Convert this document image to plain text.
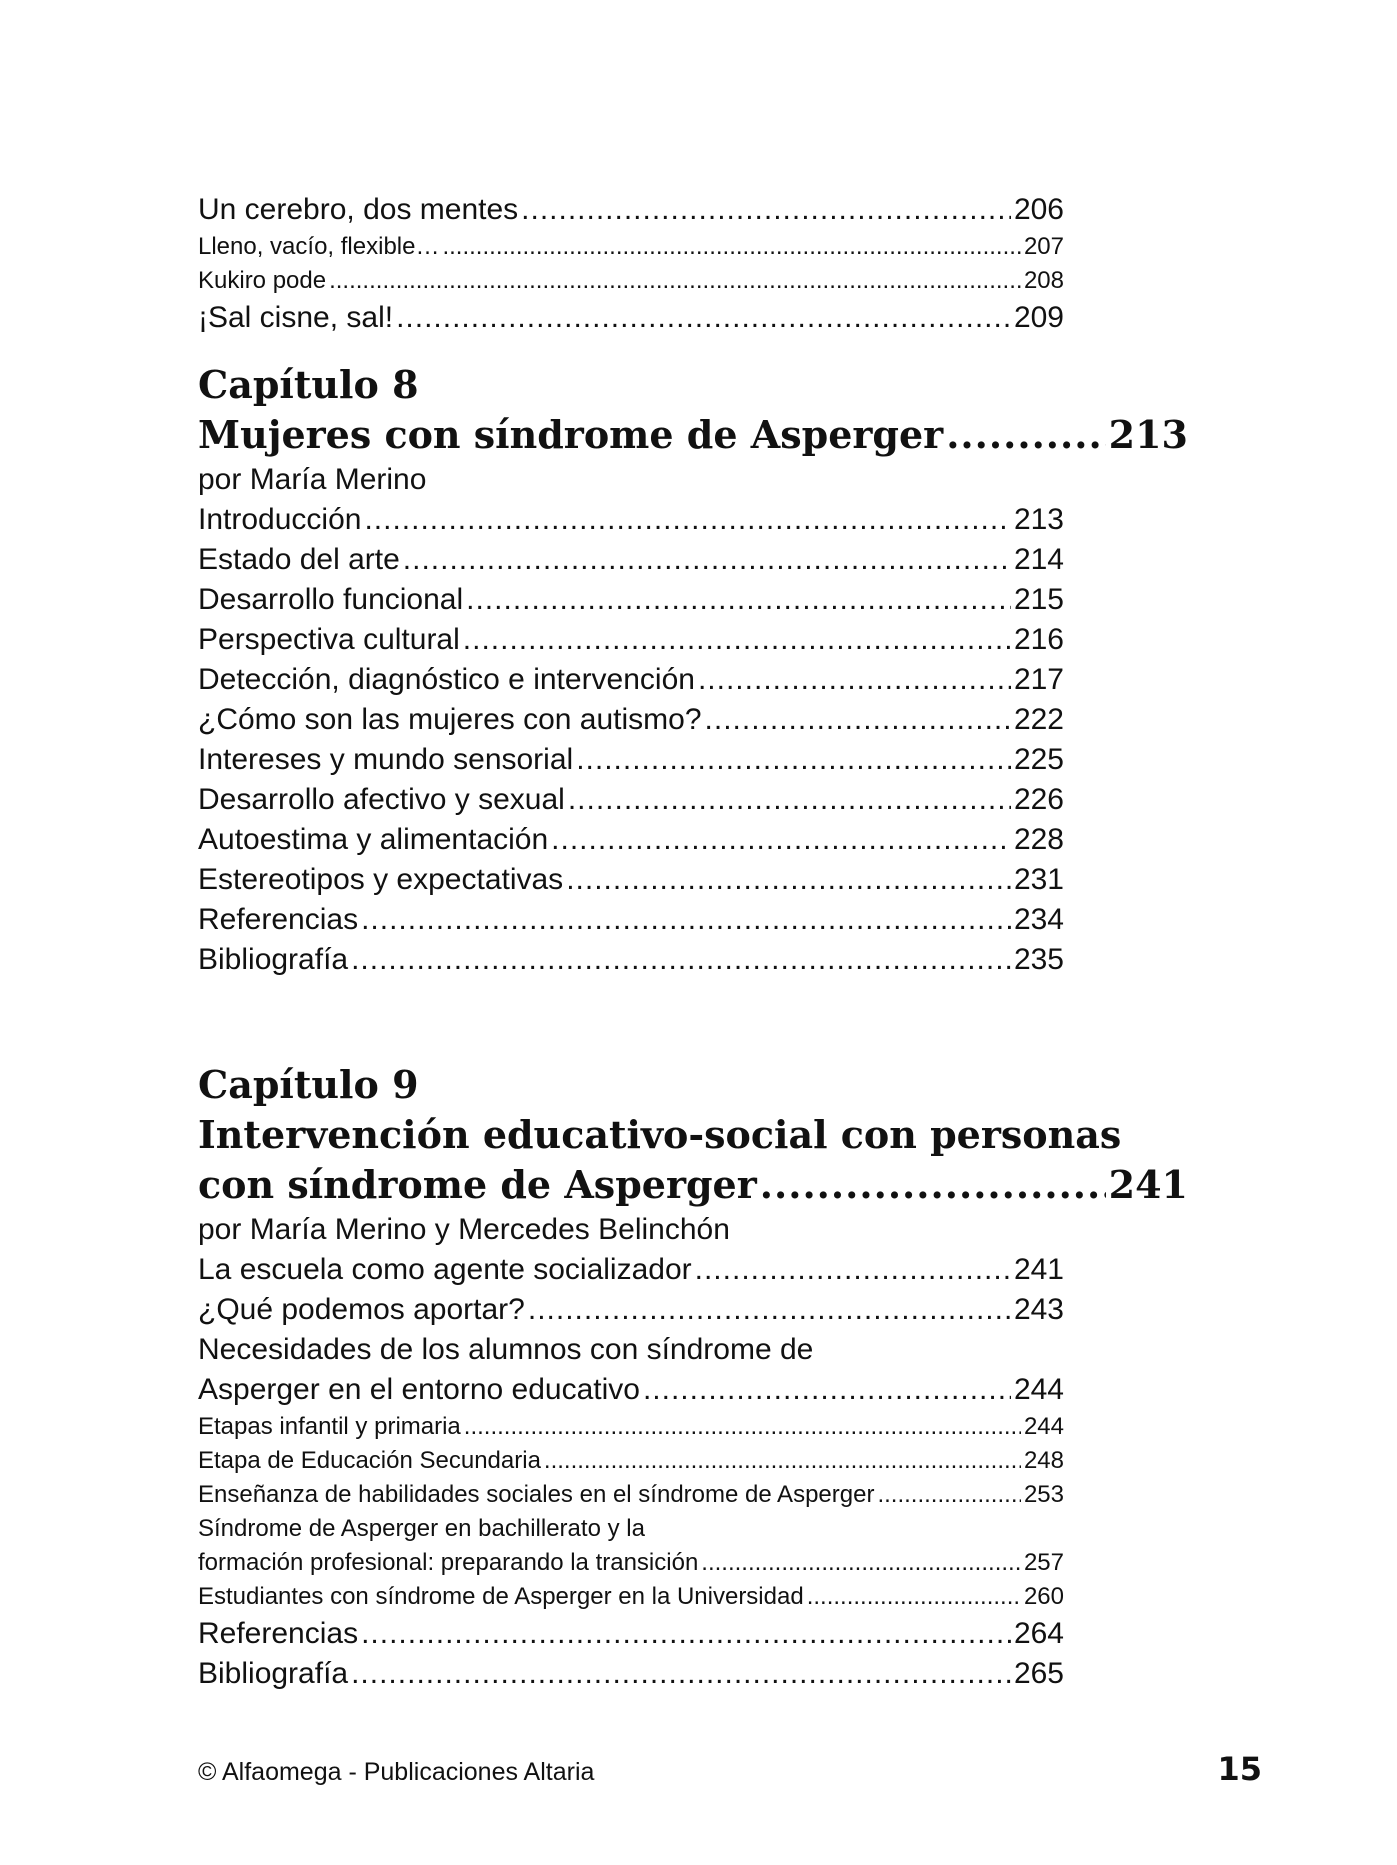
Un cerebro, dos mentes .....	206
Lleno, vacío, flexible… .....	207
Kukiro pode .....	208
¡Sal cisne, sal! .....	209
Capítulo 8
Mujeres con síndrome de Asperger .....	213
por María Merino
Introducción .....	213
Estado del arte .....	214
Desarrollo funcional .....	215
Perspectiva cultural .....	216
Detección, diagnóstico e intervención .....	217
¿Cómo son las mujeres con autismo? .....	222
Intereses y mundo sensorial .....	225
Desarrollo afectivo y sexual .....	226
Autoestima y alimentación .....	228
Estereotipos y expectativas .....	231
Referencias .....	234
Bibliografía .....	235
Capítulo 9
Intervención educativo-social con personas
con síndrome de Asperger .....	241
por María Merino y Mercedes Belinchón
La escuela como agente socializador .....	241
¿Qué podemos aportar? .....	243
Necesidades de los alumnos con síndrome de
Asperger en el entorno educativo .....	244
Etapas infantil y primaria .....	244
Etapa de Educación Secundaria .....	248
Enseñanza de habilidades sociales en el síndrome de Asperger .....	253
Síndrome de Asperger en bachillerato y la
formación profesional: preparando la transición .....	257
Estudiantes con síndrome de Asperger en la Universidad .....	260
Referencias .....	264
Bibliografía .....	265
© Alfaomega - Publicaciones Altaria	15
